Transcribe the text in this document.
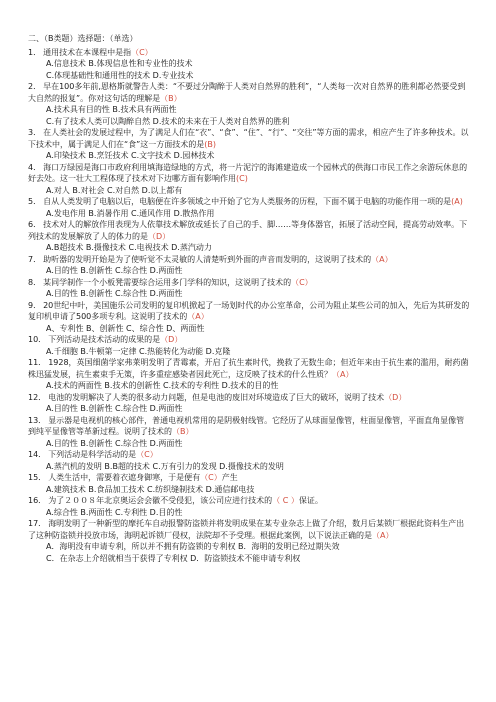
二、（B类题）选择题：（单选）
1． 通用技术在本课程中是指（C）
A.信息技术 B.体现信息性和专业性的技术
C.体现基础性和通用性的技术 D.专业技术
2． 早在100多年前,恩格斯就警告人类：“不要过分陶醉于人类对自然界的胜利”，“人类每一次对自然界的胜利都必然要受到大自然的报复”。你对这句话的理解是（B）
A.技术具有目的性 B.技术具有两面性
C.有了技术人类可以陶醉自然 D.技术的未来在于人类对自然界的胜利
3． 在人类社会的发展过程中，为了满足人们在“衣”、“食”、“住”、“行”、“交往”等方面的需求，相应产生了许多种技术。以下技术中，属于满足人们在“食”这一方面技术的是(B)
A.印染技术 B.烹饪技术 C.文字技术 D.园林技术
4． 海口万绿园是海口市政府利用填海造绿地的方式，将一片泥泞的海滩建造成一个园林式的供海口市民工作之余游玩休息的好去处。这一壮大工程体现了技术对下边哪方面有影响作用(C)
A.对人 B.对社会 C.对自然 D.以上都有
5． 自从人类发明了电脑以后，电脑便在许多领域之中开始了它为人类服务的历程，下面不属于电脑的功能作用一项的是(A)
A.发电作用 B.消暑作用 C.通风作用 D.散热作用
6． 技术对人的解放作用表现为人依靠技术解放或延长了自己的手、脚……等身体器官，拓展了活动空间，提高劳动效率。下列技术的发展解放了人的体力的是（D）
A.B超技术 B.摄像技术 C.电视技术 D.蒸汽动力
7． 助听器的发明开始是为了使听觉不太灵敏的人清楚听到外面的声音而发明的，这说明了技术的（A）
A.目的性 B.创新性 C.综合性 D.两面性
8． 某同学制作一个小板凳需要综合运用多门学科的知识，这说明了技术的（C）
A.目的性 B.创新性 C.综合性 D.两面性
9． 20世纪中叶，美国施乐公司发明的复印机掀起了一场划时代的办公室革命，公司为阻止某些公司的加入，先后为其研发的复印机申请了500多项专利。这说明了技术的（A）
A、专利性 B、创新性 C、综合性 D、两面性
10． 下列活动是技术活动的成果的是（D）
A.千细胞 B.牛顿第一定律 C.热能转化为动能 D.克隆
11． 1928，英国细菌学家弗莱明发明了青霉素，开启了抗生素时代，挽救了无数生命；但近年来由于抗生素的滥用，耐药菌株迅猛发展，抗生素束手无策，许多重症感染者因此死亡，这反映了技术的什么性质？（A）
A.技术的两面性 B.技术的创新性 C.技术的专利性 D.技术的目的性
12． 电池的发明解决了人类的很多动力问题，但是电池的废旧对环境造成了巨大的破坏，说明了技术（D）
A.目的性 B.创新性 C.综合性 D.两面性
13． 显示器是电视机的核心部件，普通电视机常用的是阴极射线管。它经历了从球面显像管，柱面显像管，平面直角显像管到纯平显像管等革新过程。说明了技术的（B）
A.目的性 B.创新性 C.综合性 D.两面性
14． 下列活动是科学活动的是（C）
A.蒸汽机的发明 B.B超的技术 C.万有引力的发现 D.摄像技术的发明
15． 人类生活中，需要着衣遮身御寒，于是便有（C）产生
A.建筑技术 B.食品加工技术 C.纺织缝制技术 D.通信邮电技
16． 为了２００８年北京奥运会会徽不受侵犯，该公司应进行技术的（ C ）保证。
A.综合性 B.两面性 C.专利性 D.目的性
17． 海明发明了一种新型的摩托车自动报警防盗锁并将发明成果在某专业杂志上做了介绍，数月后某锁厂根据此资料生产出了这种防盗锁并投放市场，海明起诉锁厂侵权，法院却不予受理。根据此案例，以下说法正确的是（A）
A．海明没有申请专利，所以并不拥有防盗锁的专利权 B．海明的发明已经过期失效
C．在杂志上介绍就相当于获得了专利权 D．防盗锁技术不能申请专利权
